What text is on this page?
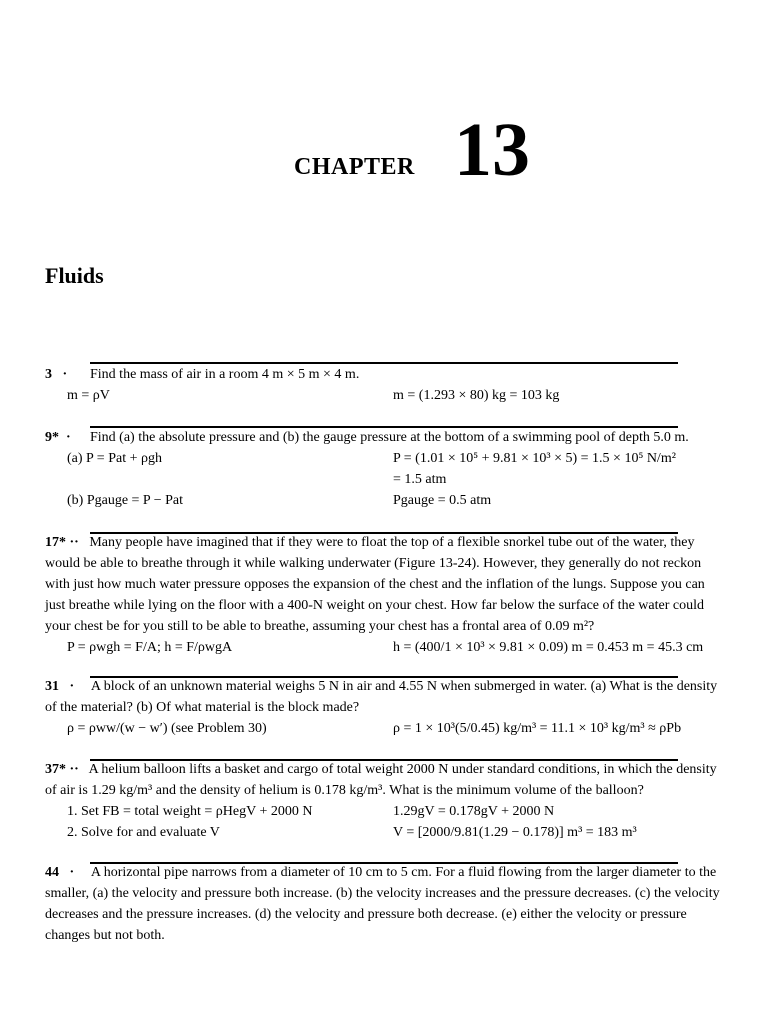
CHAPTER 13
Fluids
3 · Find the mass of air in a room 4 m × 5 m × 4 m.
m = ρV	m = (1.293 × 80) kg = 103 kg
9* · Find (a) the absolute pressure and (b) the gauge pressure at the bottom of a swimming pool of depth 5.0 m.
(a) P = Pat + ρgh	P = (1.01 × 10⁵ + 9.81 × 10³ × 5) = 1.5 × 10⁵ N/m²
= 1.5 atm
(b) Pgauge = P − Pat	Pgauge = 0.5 atm
17* ·· Many people have imagined that if they were to float the top of a flexible snorkel tube out of the water, they would be able to breathe through it while walking underwater (Figure 13-24). However, they generally do not reckon with just how much water pressure opposes the expansion of the chest and the inflation of the lungs. Suppose you can just breathe while lying on the floor with a 400-N weight on your chest. How far below the surface of the water could your chest be for you still to be able to breathe, assuming your chest has a frontal area of 0.09 m²?
P = ρwgh = F/A; h = F/ρwgA	h = (400/1 × 10³ × 9.81 × 0.09) m = 0.453 m = 45.3 cm
31 · A block of an unknown material weighs 5 N in air and 4.55 N when submerged in water. (a) What is the density of the material? (b) Of what material is the block made?
ρ = ρww/(w − w′) (see Problem 30)	ρ = 1 × 10³(5/0.45) kg/m³ = 11.1 × 10³ kg/m³ ≈ ρPb
37* ·· A helium balloon lifts a basket and cargo of total weight 2000 N under standard conditions, in which the density of air is 1.29 kg/m³ and the density of helium is 0.178 kg/m³. What is the minimum volume of the balloon?
1. Set FB = total weight = ρHegV + 2000 N	1.29gV = 0.178gV + 2000 N
2. Solve for and evaluate V	V = [2000/9.81(1.29 − 0.178)] m³ = 183 m³
44 · A horizontal pipe narrows from a diameter of 10 cm to 5 cm. For a fluid flowing from the larger diameter to the smaller, (a) the velocity and pressure both increase. (b) the velocity increases and the pressure decreases. (c) the velocity decreases and the pressure increases. (d) the velocity and pressure both decrease. (e) either the velocity or pressure changes but not both.
